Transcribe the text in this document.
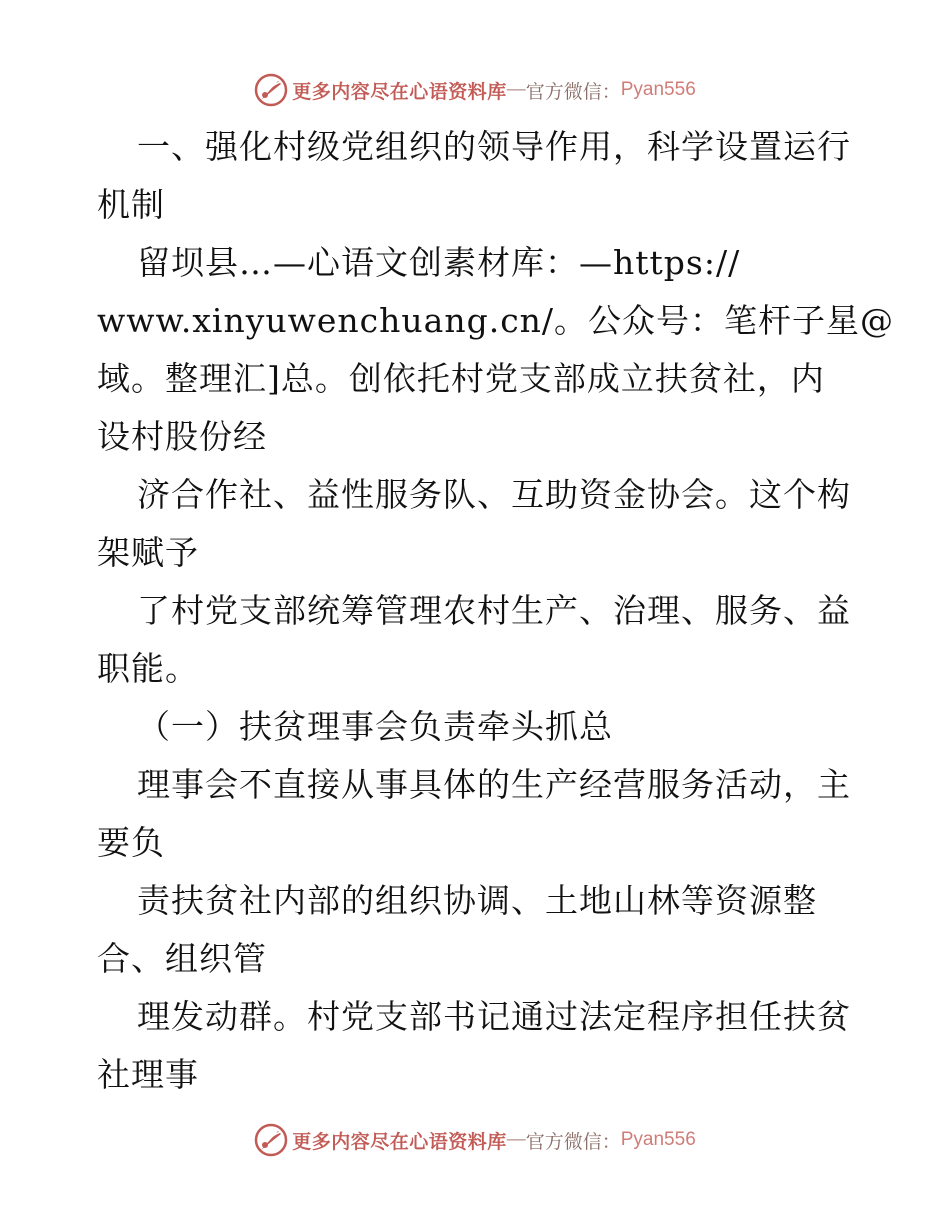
更多内容尽在心语资料库 — 官方微信： Pyan556
一、强化村级党组织的领导作用，科学设置运行
机制
留坝县…—心语文创素材库：—https://
www.xinyuwenchuang.cn/。公众号：笔杆子星@
域。整理汇]总。创依托村党支部成立扶贫社，内
设村股份经
济合作社、益性服务队、互助资金协会。这个构
架赋予
了村党支部统筹管理农村生产、治理、服务、益
职能。
（一）扶贫理事会负责牵头抓总
理事会不直接从事具体的生产经营服务活动，主
要负
责扶贫社内部的组织协调、土地山林等资源整
合、组织管
理发动群。村党支部书记通过法定程序担任扶贫
社理事
更多内容尽在心语资料库 — 官方微信： Pyan556
